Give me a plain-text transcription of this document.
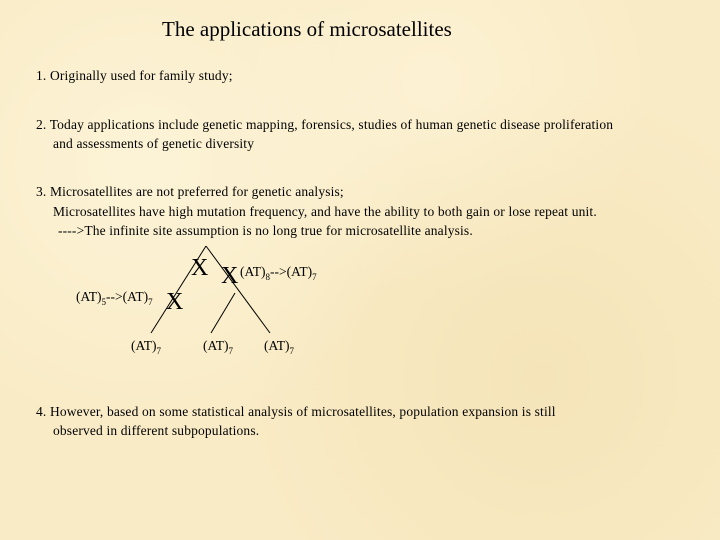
The applications of microsatellites
1. Originally used for family study;
2. Today applications include genetic mapping, forensics, studies of human genetic disease proliferation
and assessments of genetic diversity
3. Microsatellites are not preferred for genetic analysis;
Microsatellites have high mutation frequency, and have the ability to both gain or lose repeat unit.
---->The infinite site assumption is no long true for microsatellite analysis.
X X
X
$(AT)_8-->(AT)_7$
$(AT)_5-->(AT)_7$
$(AT)_7$	$(AT)_7$ $(AT)_7$
4. However, based on some statistical analysis of microsatellites, population expansion is still
observed in different subpopulations.
